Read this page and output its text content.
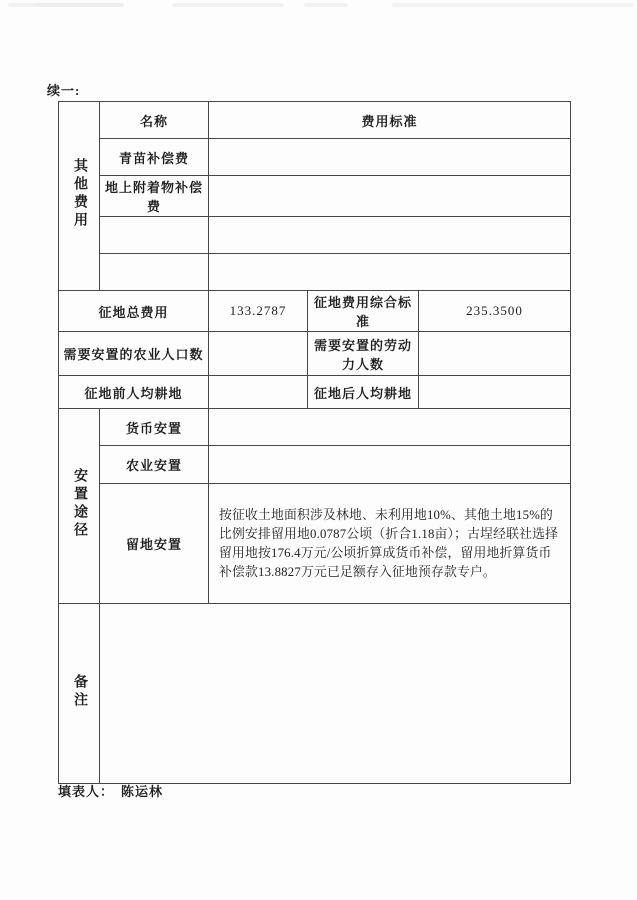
续一:
其他费用	名称	费用标准		
	青苗补偿费			
	地上附着物补偿费			

征地总费用		133.2787	征地费用综合标准	235.3500
需要安置的农业人口数			需要安置的劳动力人数	
征地前人均耕地			征地后人均耕地	
安置途径	货币安置			
	农业安置			
	留地安置	按征收土地面积涉及林地、未利用地10%、其他土地15%的比例安排留用地0.0787公顷（折合1.18亩）；古埕经联社选择留用地按176.4万元/公顷折算成货币补偿，留用地折算货币补偿款13.8827万元已足额存入征地预存款专户。		
备注				
填表人： 陈运林
